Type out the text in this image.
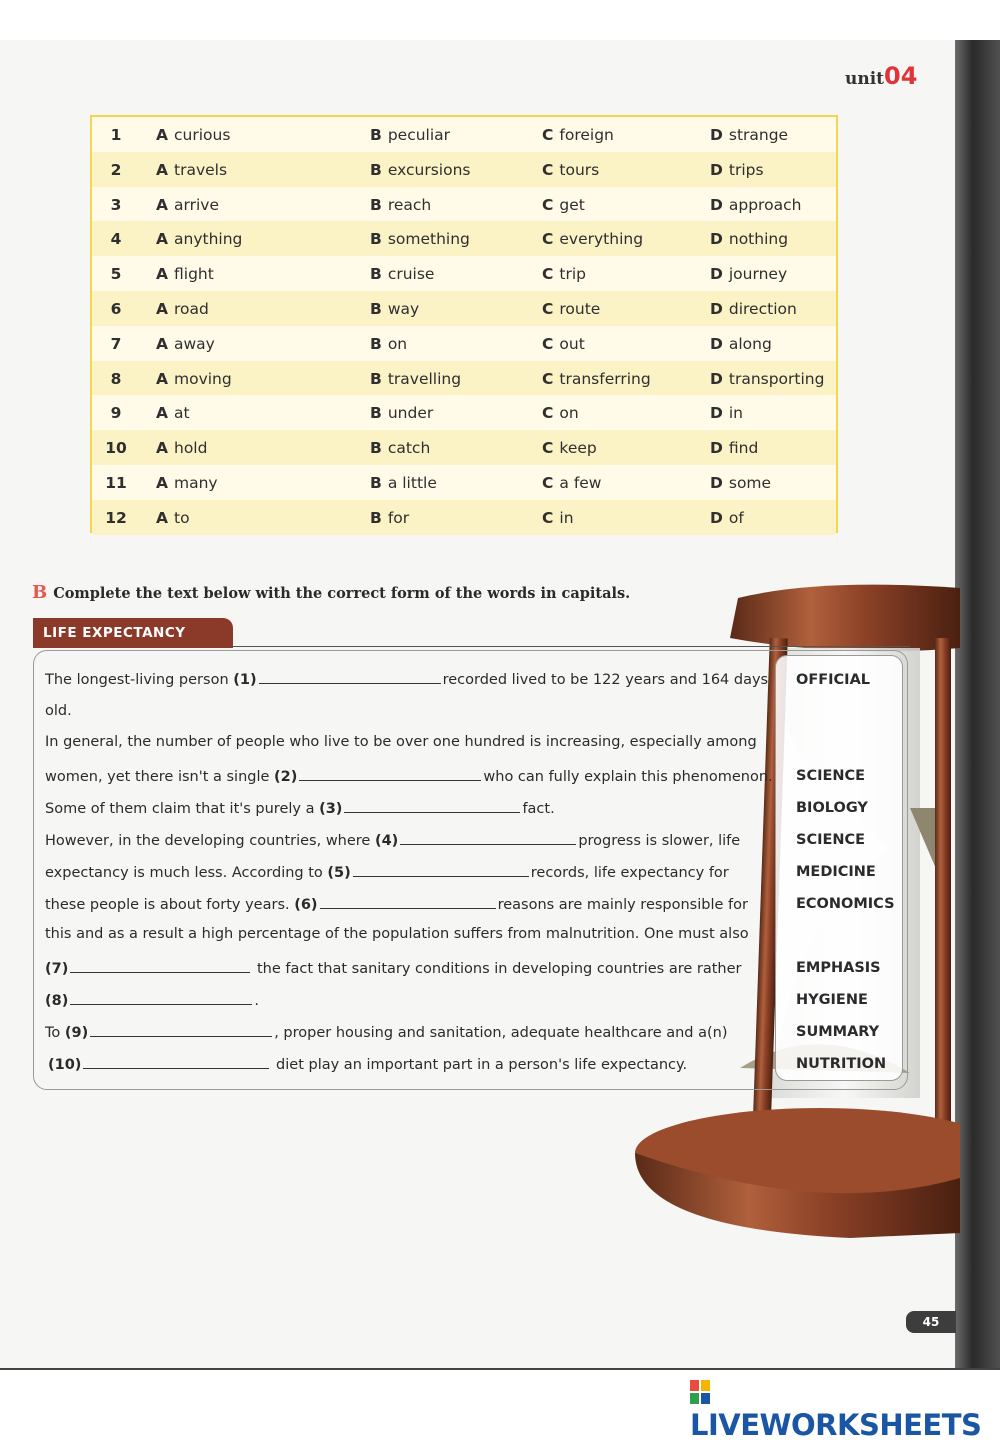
unit04
1	A curious	B peculiar	C foreign	D strange
2	A travels	B excursions	C tours	D trips
3	A arrive	B reach	C get	D approach
4	A anything	B something	C everything	D nothing
5	A flight	B cruise	C trip	D journey
6	A road	B way	C route	D direction
7	A away	B on	C out	D along
8	A moving	B travelling	C transferring	D transporting
9	A at	B under	C on	D in
10	A hold	B catch	C keep	D find
11	A many	B a little	C a few	D some
12	A to	B for	C in	D of
B Complete the text below with the correct form of the words in capitals.
LIFE EXPECTANCY
The longest-living person (1)	recorded lived to be 122 years and 164 days
old.
In general, the number of people who live to be over one hundred is increasing, especially among
women, yet there isn't a single (2)	who can fully explain this phenomenon.
Some of them claim that it's purely a (3)	fact.
However, in the developing countries, where (4)	progress is slower, life
expectancy is much less. According to (5)	records, life expectancy for
these people is about forty years. (6)	reasons are mainly responsible for
this and as a result a high percentage of the population suffers from malnutrition. One must also
(7)	the fact that sanitary conditions in developing countries are rather
(8)	.
To (9)	, proper housing and sanitation, adequate healthcare and a(n)
(10)	diet play an important part in a person's life expectancy.
OFFICIAL
SCIENCE
BIOLOGY
SCIENCE
MEDICINE
ECONOMICS
EMPHASIS
HYGIENE
SUMMARY
NUTRITION
45
LIVEWORKSHEETS
